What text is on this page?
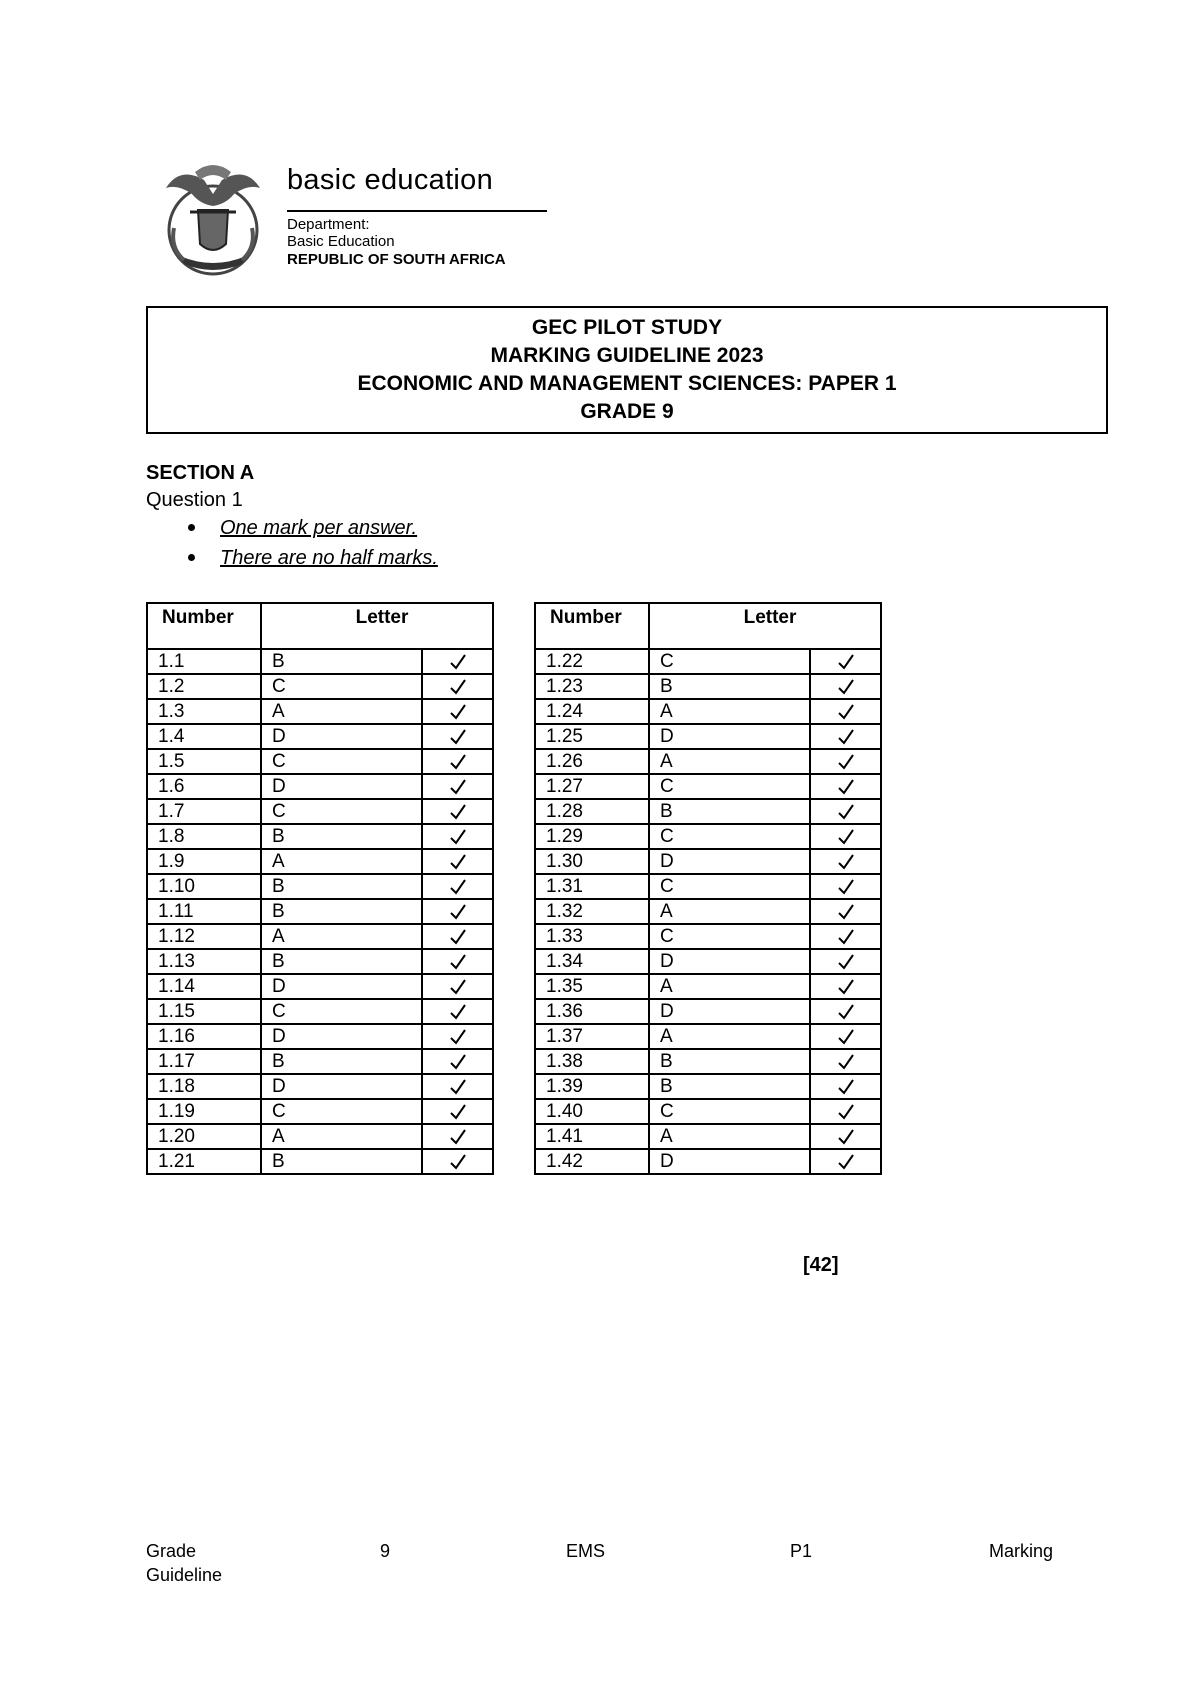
basic education
Department:
Basic Education
REPUBLIC OF SOUTH AFRICA
GEC PILOT STUDY
MARKING GUIDELINE 2023
ECONOMIC AND MANAGEMENT SCIENCES: PAPER 1
GRADE 9
SECTION A
Question 1
One mark per answer.
There are no half marks.
Number	Letter	
1.1	B	

1.2	C	

1.3	A	

1.4	D	

1.5	C	

1.6	D	

1.7	C	

1.8	B	

1.9	A	

1.10	B	

1.11	B	

1.12	A	

1.13	B	

1.14	D	

1.15	C	

1.16	D	

1.17	B	

1.18	D	

1.19	C	

1.20	A	

1.21	B	
Number	Letter	
1.22	C	

1.23	B	

1.24	A	

1.25	D	

1.26	A	

1.27	C	

1.28	B	

1.29	C	

1.30	D	

1.31	C	

1.32	A	

1.33	C	

1.34	D	

1.35	A	

1.36	D	

1.37	A	

1.38	B	

1.39	B	

1.40	C	

1.41	A	

1.42	D	
[42]
Grade	9	EMS	P1	Marking
Guideline
